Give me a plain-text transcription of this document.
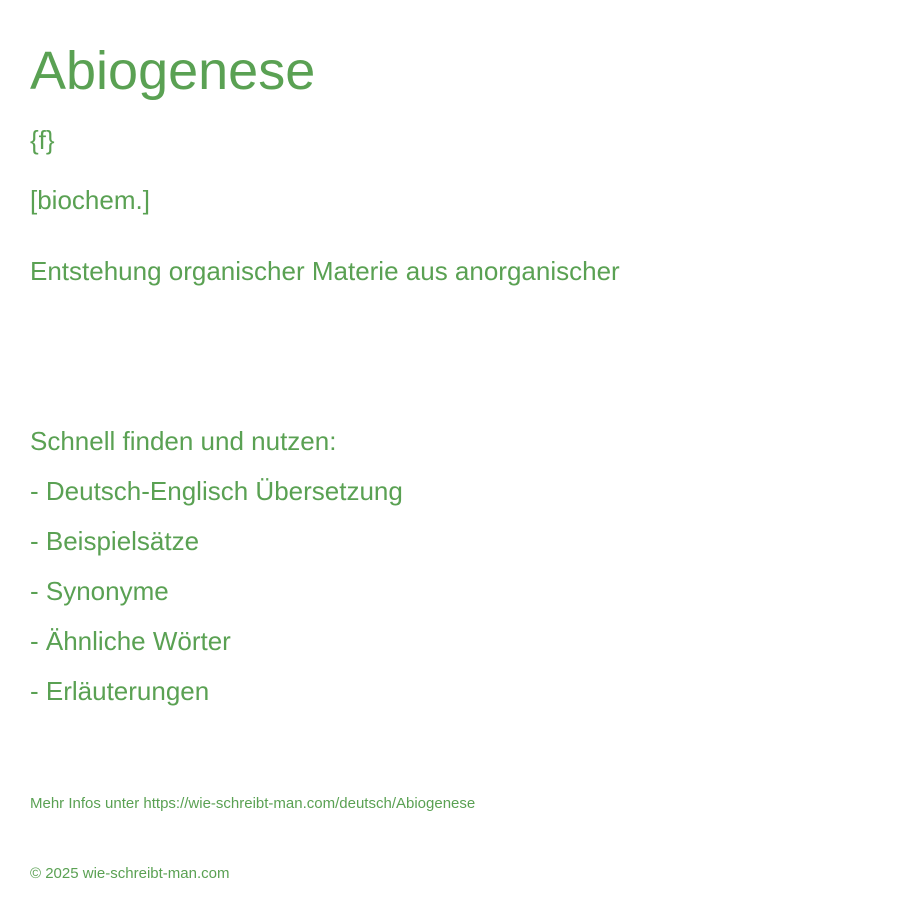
Abiogenese
{f}
[biochem.]
Entstehung organischer Materie aus anorganischer
Schnell finden und nutzen:
- Deutsch-Englisch Übersetzung
- Beispielsätze
- Synonyme
- Ähnliche Wörter
- Erläuterungen
Mehr Infos unter https://wie-schreibt-man.com/deutsch/Abiogenese
© 2025 wie-schreibt-man.com
